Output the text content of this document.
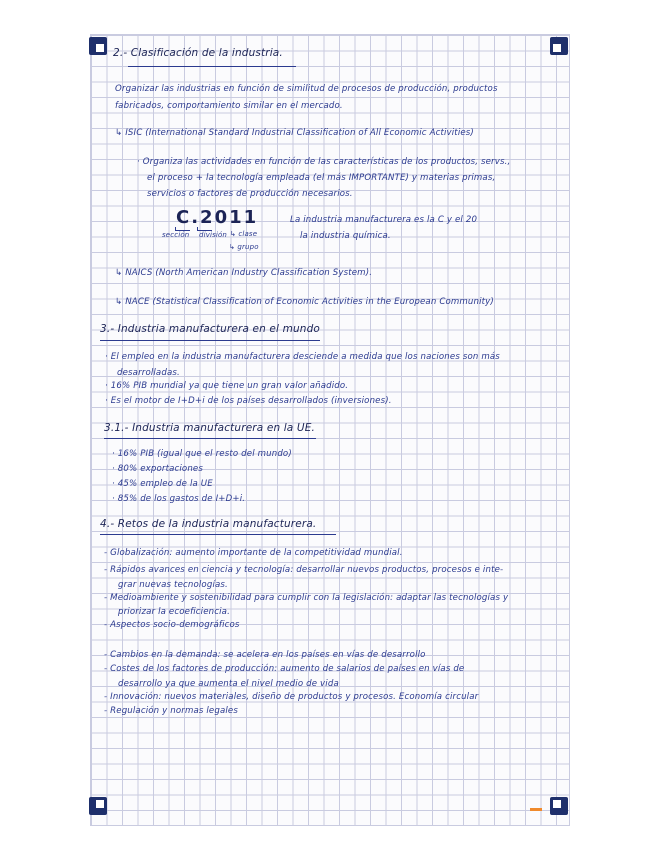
2.- Clasificación de la industria.
Organizar las industrias en función de similitud de procesos de producción, productos
fabricados, comportamiento similar en el mercado.
↳ ISIC (International Standard Industrial Classification of All Economic Activities)
· Organiza las actividades en función de las características de los productos, servs.,
el proceso + la tecnología empleada (el más IMPORTANTE) y materias primas,
servicios o factores de producción necesarios.
C.2011
sección división ↳ clase
↳ grupo
La industria manufacturera es la C y el 20
la industria química.
↳ NAICS (North American Industry Classification System).
↳ NACE (Statistical Classification of Economic Activities in the European Community)
3.- Industria manufacturera en el mundo
· El empleo en la industria manufacturera desciende a medida que los naciones son más
desarrolladas.
· 16% PIB mundial ya que tiene un gran valor añadido.
· Es el motor de I+D+i de los países desarrollados (inversiones).
3.1.- Industria manufacturera en la UE.
· 16% PIB (igual que el resto del mundo)
· 80% exportaciones
· 45% empleo de la UE
· 85% de los gastos de I+D+i.
4.- Retos de la industria manufacturera.
- Globalización: aumento importante de la competitividad mundial.
- Rápidos avances en ciencia y tecnología: desarrollar nuevos productos, procesos e inte-
grar nuevas tecnologías.
- Medioambiente y sostenibilidad para cumplir con la legislación: adaptar las tecnologías y
priorizar la ecoeficiencia.
- Aspectos socio-demográficos
- Cambios en la demanda: se acelera en los países en vías de desarrollo
- Costes de los factores de producción: aumento de salarios de países en vías de
desarrollo ya que aumenta el nivel medio de vida
- Innovación: nuevos materiales, diseño de productos y procesos. Economía circular
- Regulación y normas legales
